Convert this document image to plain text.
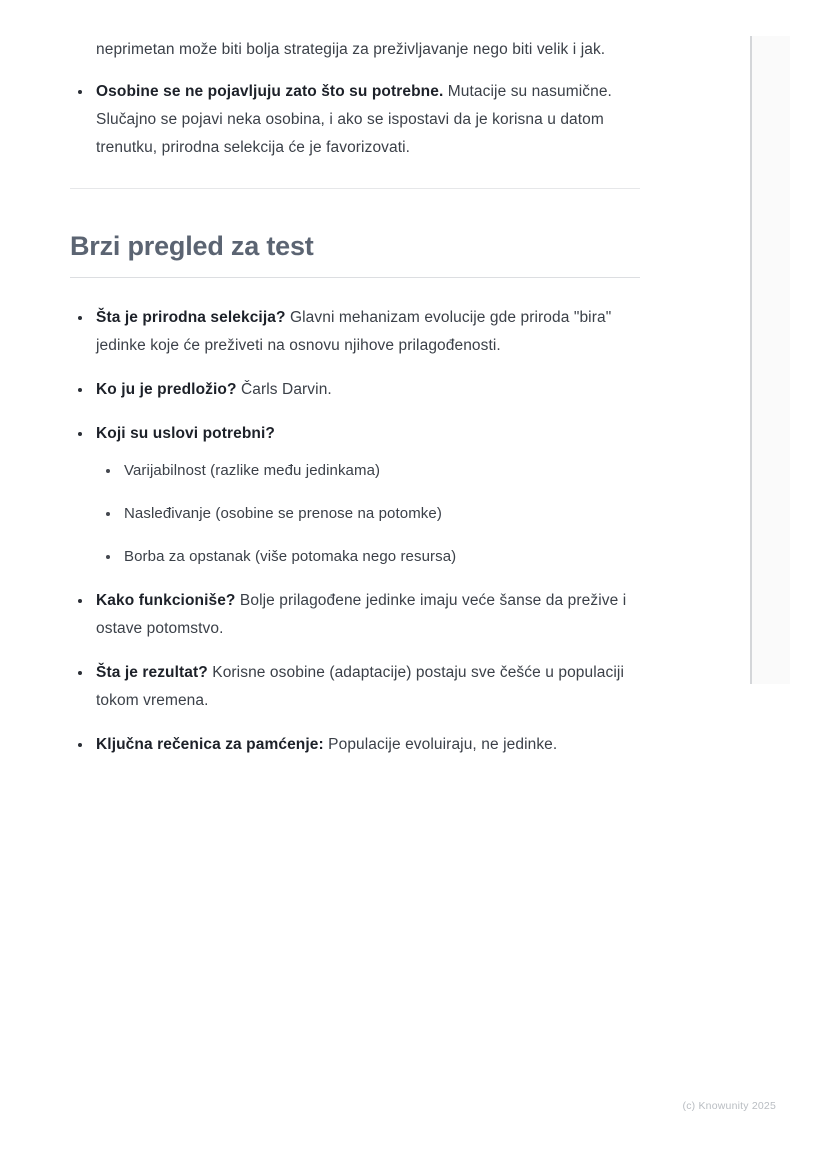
neprimetan može biti bolja strategija za preživljavanje nego biti velik i jak.

Osobine se ne pojavljuju zato što su potrebne. Mutacije su nasumične. Slučajno se pojavi neka osobina, i ako se ispostavi da je korisna u datom trenutku, prirodna selekcija će je favorizovati.
Brzi pregled za test
Šta je prirodna selekcija? Glavni mehanizam evolucije gde priroda "bira" jedinke koje će preživeti na osnovu njihove prilagođenosti.
Ko ju je predložio? Čarls Darvin.
Koji su uslovi potrebni?
Varijabilnost (razlike među jedinkama)
Nasleđivanje (osobine se prenose na potomke)
Borba za opstanak (više potomaka nego resursa)
Kako funkcioniše? Bolje prilagođene jedinke imaju veće šanse da prežive i ostave potomstvo.
Šta je rezultat? Korisne osobine (adaptacije) postaju sve češće u populaciji tokom vremena.
Ključna rečenica za pamćenje: Populacije evoluiraju, ne jedinke.
(c) Knowunity 2025
